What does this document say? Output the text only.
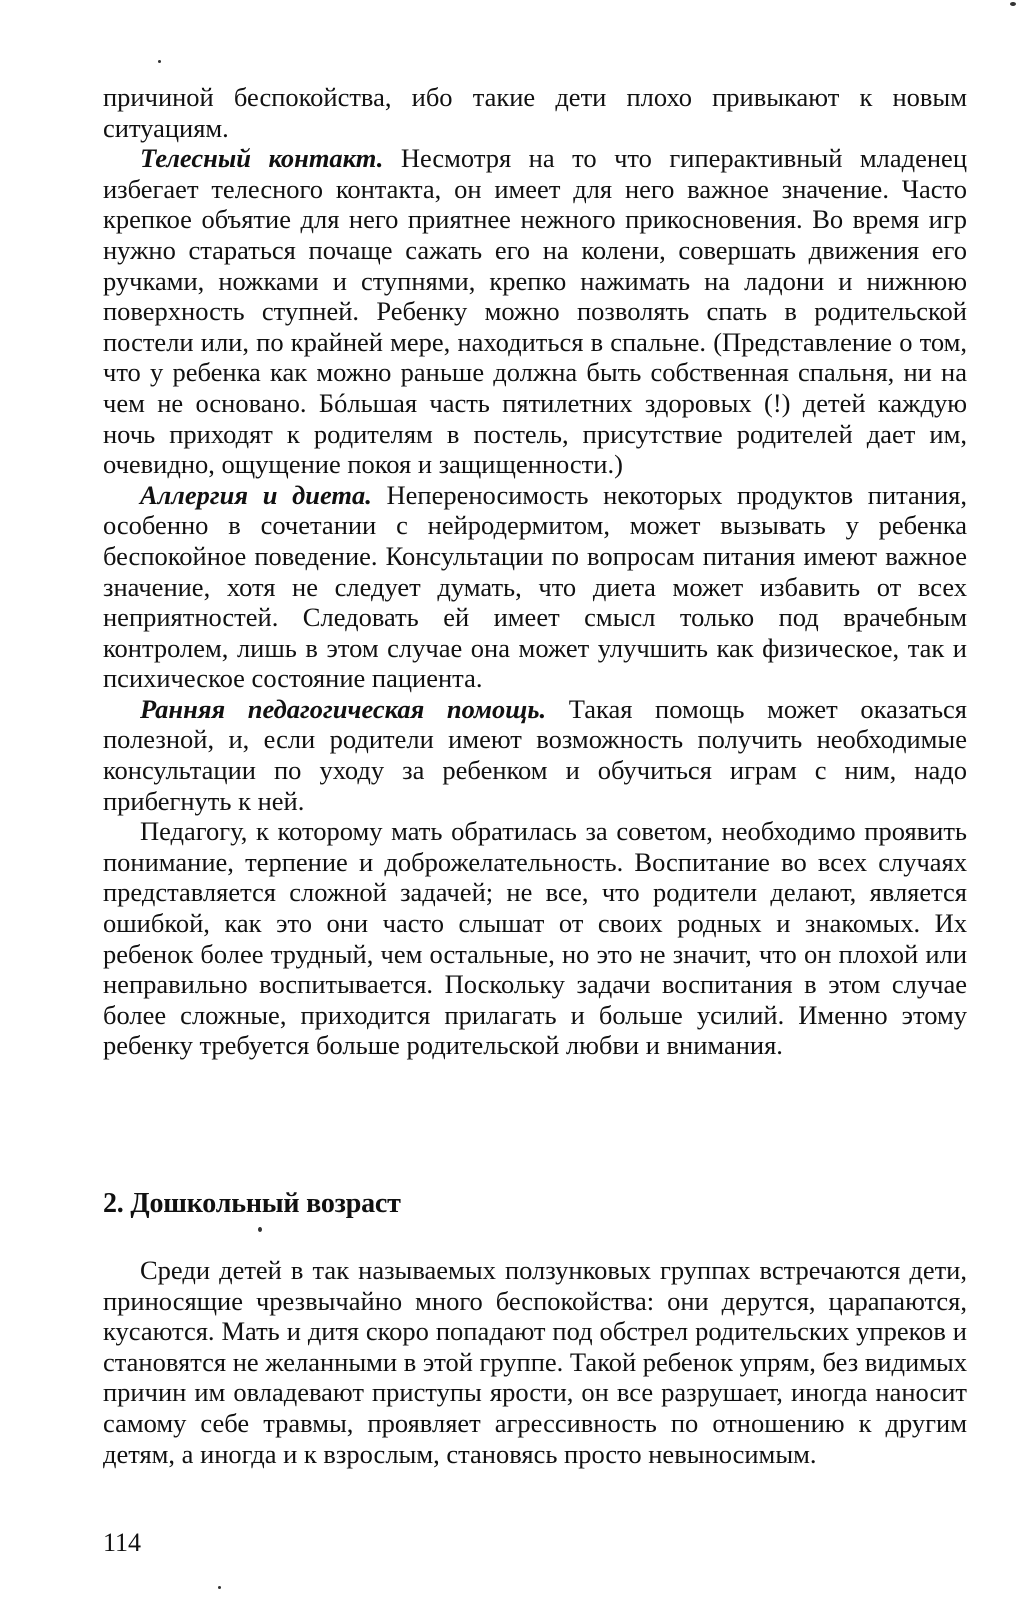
причиной беспокойства, ибо такие дети плохо привыкают к новым ситуациям.

Телесный контакт. Несмотря на то что гиперактивный младенец избегает телесного контакта, он имеет для него важное значение. Часто крепкое объятие для него приятнее нежного прикосновения. Во время игр нужно стараться почаще сажать его на колени, совершать движения его ручками, ножками и ступнями, крепко нажимать на ладони и нижнюю поверхность ступней. Ребенку можно позволять спать в родительской постели или, по крайней мере, находиться в спальне. (Представление о том, что у ребенка как можно раньше должна быть собственная спальня, ни на чем не основано. Бóльшая часть пятилетних здоровых (!) детей каждую ночь приходят к родителям в постель, присутствие родителей дает им, очевидно, ощущение покоя и защищенности.)

Аллергия и диета. Непереносимость некоторых продуктов питания, особенно в сочетании с нейродермитом, может вызывать у ребенка беспокойное поведение. Консультации по вопросам питания имеют важное значение, хотя не следует думать, что диета может избавить от всех неприятностей. Следовать ей имеет смысл только под врачебным контролем, лишь в этом случае она может улучшить как физическое, так и психическое состояние пациента.

Ранняя педагогическая помощь. Такая помощь может оказаться полезной, и, если родители имеют возможность получить необходимые консультации по уходу за ребенком и обучиться играм с ним, надо прибегнуть к ней.

Педагогу, к которому мать обратилась за советом, необходимо проявить понимание, терпение и доброжелательность. Воспитание во всех случаях представляется сложной задачей; не все, что родители делают, является ошибкой, как это они часто слышат от своих родных и знакомых. Их ребенок более трудный, чем остальные, но это не значит, что он плохой или неправильно воспитывается. Поскольку задачи воспитания в этом случае более сложные, приходится прилагать и больше усилий. Именно этому ребенку требуется больше родительской любви и внимания.

2. Дошкольный возраст

Среди детей в так называемых ползунковых группах встречаются дети, приносящие чрезвычайно много беспокойства: они дерутся, царапаются, кусаются. Мать и дитя скоро попадают под обстрел родительских упреков и становятся не желанными в этой группе. Такой ребенок упрям, без видимых причин им овладевают приступы ярости, он все разрушает, иногда наносит самому себе травмы, проявляет агрессивность по отношению к другим детям, а иногда и к взрослым, становясь просто невыносимым.

114
